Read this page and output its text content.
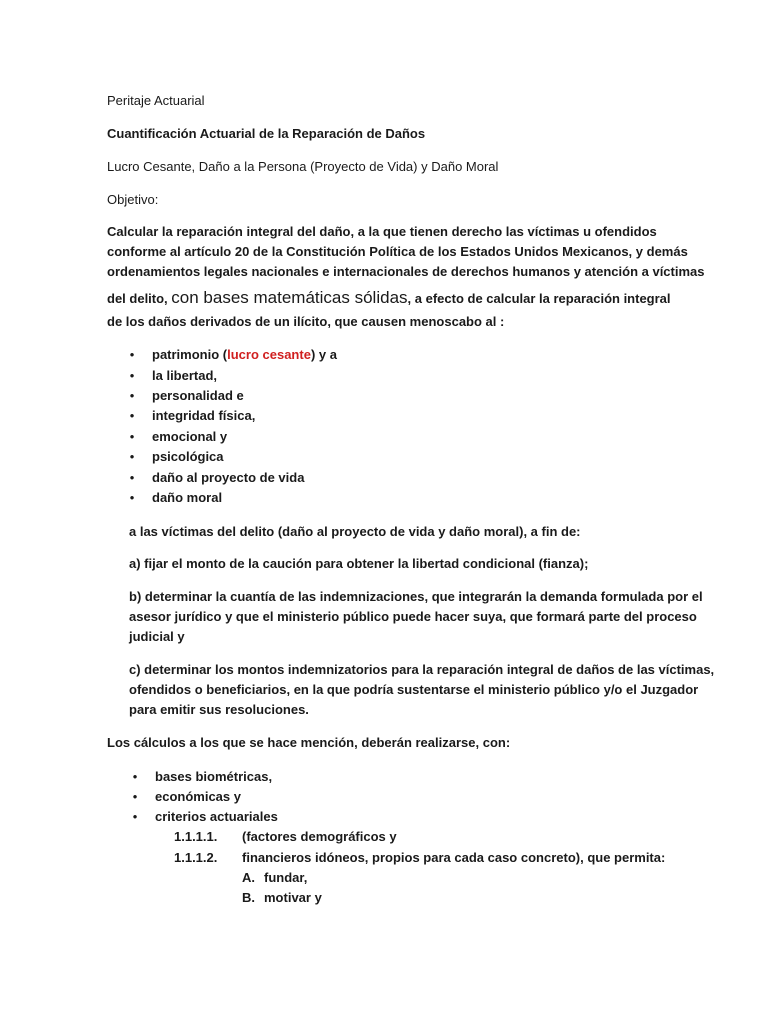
Peritaje Actuarial
Cuantificación Actuarial de la Reparación de Daños
Lucro Cesante, Daño a la Persona (Proyecto de Vida) y Daño Moral
Objetivo:
Calcular la reparación integral del daño, a la que tienen derecho las víctimas u ofendidos
conforme al artículo 20 de la Constitución Política de los Estados Unidos Mexicanos, y demás
ordenamientos legales nacionales e internacionales de derechos humanos y atención a víctimas
del delito, con bases matemáticas sólidas, a efecto de calcular la reparación integral
de los daños derivados de un ilícito, que causen menoscabo al :
• patrimonio (lucro cesante) y a
• la libertad,
• personalidad e
• integridad física,
• emocional y
• psicológica
• daño al proyecto de vida
• daño moral
a las víctimas del delito (daño al proyecto de vida y daño moral), a fin de:
a) fijar el monto de la caución para obtener la libertad condicional (fianza);
b) determinar la cuantía de las indemnizaciones, que integrarán la demanda formulada por el
asesor jurídico y que el ministerio público puede hacer suya, que formará parte del proceso
judicial y
c) determinar los montos indemnizatorios para la reparación integral de daños de las víctimas,
ofendidos o beneficiarios, en la que podría sustentarse el ministerio público y/o el Juzgador
para emitir sus resoluciones.
Los cálculos a los que se hace mención, deberán realizarse, con:
• bases biométricas,
• económicas y
• criterios actuariales
1.1.1.1. (factores demográficos y
1.1.1.2. financieros idóneos, propios para cada caso concreto), que permita:
A. fundar,
B. motivar y
